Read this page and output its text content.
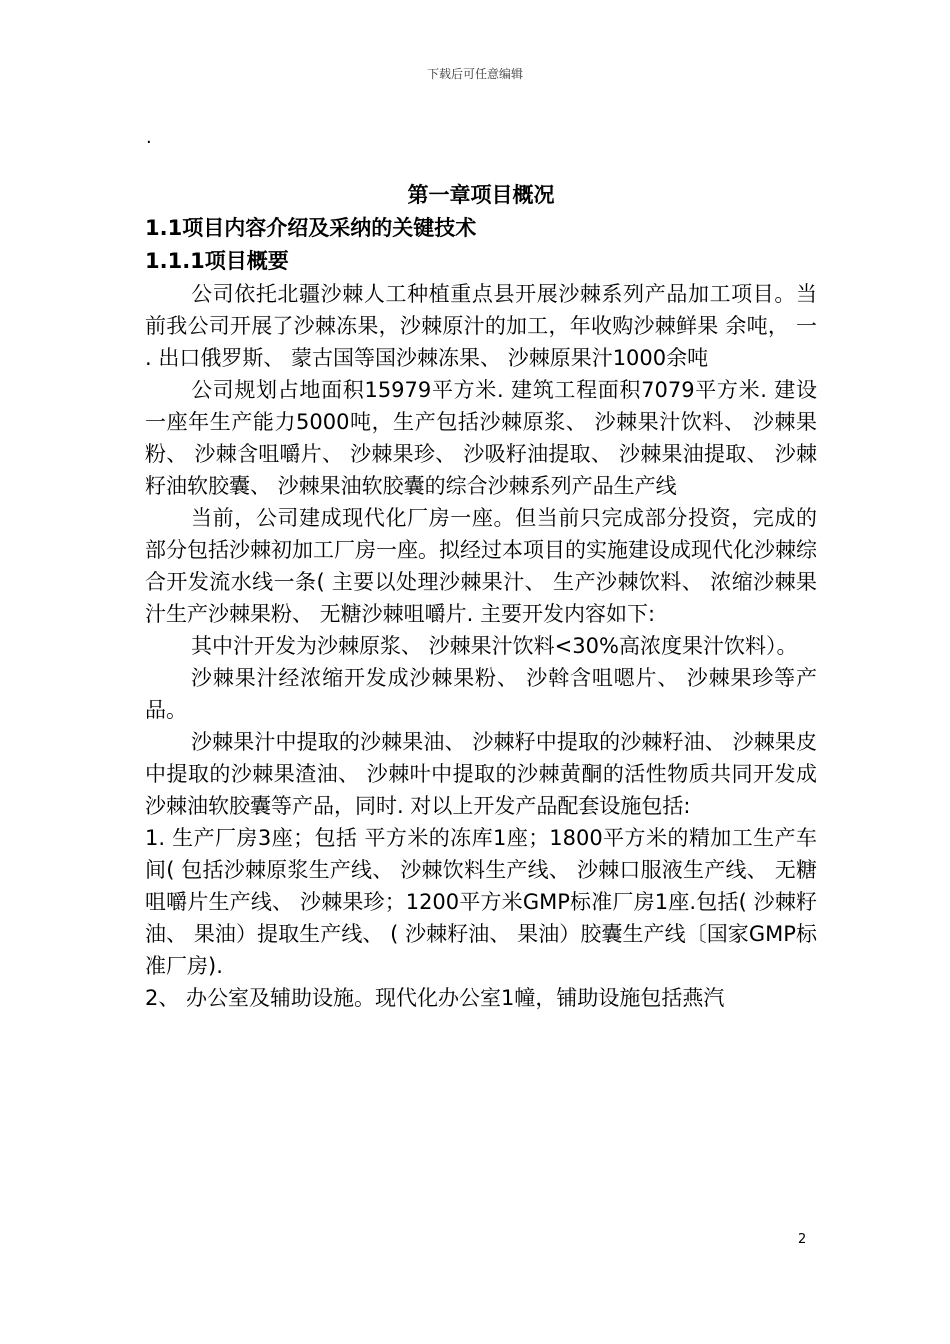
下载后可任意编辑
.
第一章项目概况
1.1项目内容介绍及采纳的关键技术
1.1.1项目概要

公司依托北疆沙棘人工种植重点县开展沙棘系列产品加工项目。当前我公司开展了沙棘冻果，沙棘原汁的加工，年收购沙棘鲜果 余吨， 一 . 出口俄罗斯、 蒙古国等国沙棘冻果、 沙棘原果汁1000余吨

公司规划占地面积15979平方米. 建筑工程面积7079平方米. 建设一座年生产能力5000吨，生产包括沙棘原浆、 沙棘果汁饮料、 沙棘果粉、 沙棘含咀嚼片、 沙棘果珍、 沙吸籽油提取、 沙棘果油提取、 沙棘籽油软胶囊、 沙棘果油软胶囊的综合沙棘系列产品生产线

当前，公司建成现代化厂房一座。但当前只完成部分投资，完成的部分包括沙棘初加工厂房一座。拟经过本项目的实施建设成现代化沙棘综合开发流水线一条( 主要以处理沙棘果汁、 生产沙棘饮料、 浓缩沙棘果汁生产沙棘果粉、 无糖沙棘咀嚼片. 主要开发内容如下:

其中汁开发为沙棘原浆、 沙棘果汁饮料<30%高浓度果汁饮料）。

沙棘果汁经浓缩开发成沙棘果粉、 沙斡含咀嗯片、 沙棘果珍等产品。

沙棘果汁中提取的沙棘果油、 沙棘籽中提取的沙棘籽油、 沙棘果皮中提取的沙棘果渣油、 沙棘叶中提取的沙棘黄酮的活性物质共同开发成沙棘油软胶囊等产品，同时. 对以上开发产品配套设施包括:

1. 生产厂房3座；包括 平方米的冻库1座；1800平方米的精加工生产车间( 包括沙棘原浆生产线、 沙棘饮料生产线、 沙棘口服液生产线、 无糖咀嚼片生产线、 沙棘果珍；1200平方米GMP标准厂房1座.包括( 沙棘籽油、 果油）提取生产线、 ( 沙棘籽油、 果油）胶囊生产线〔国家GMP标准厂房).

2、 办公室及辅助设施。现代化办公室1幢，铺助设施包括燕汽

2
